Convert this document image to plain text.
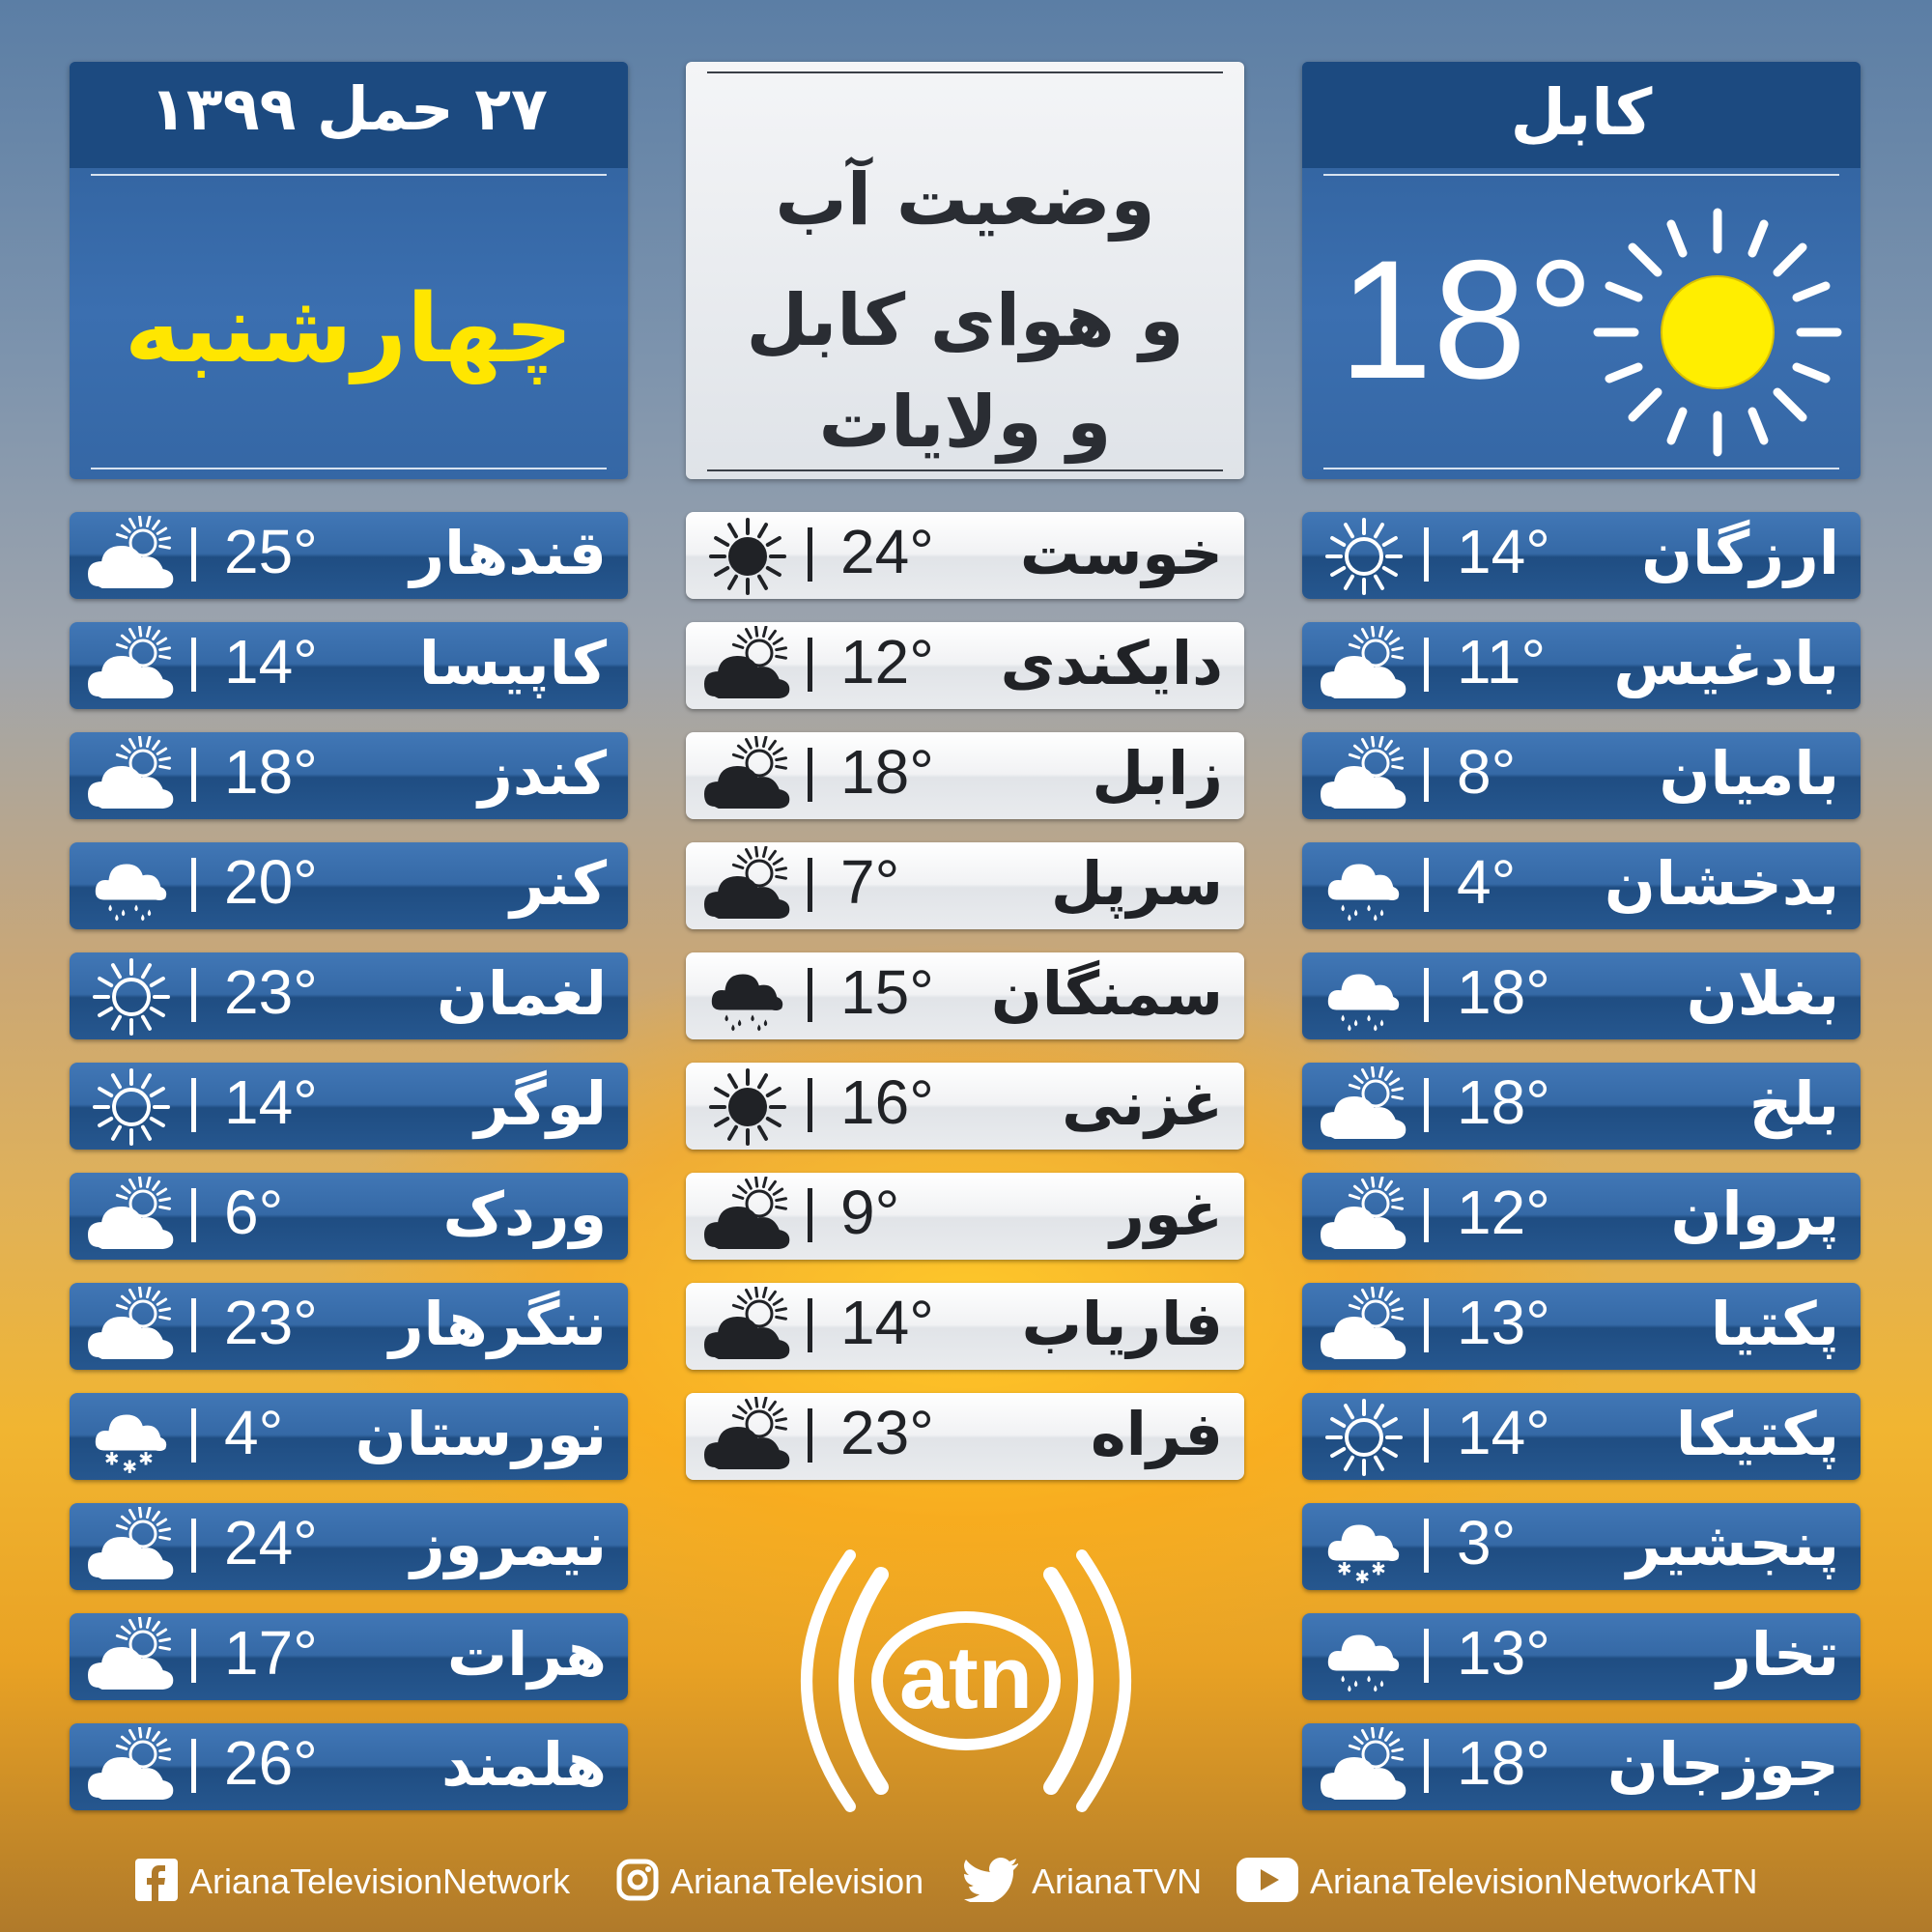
۲۷ حمل ۱۳۹۹
چهارشنبه
وضعیت آب
و هوای کابل
و ولایات
کابل
18°
25° قندهار
14° کاپیسا
18°	کندز
20°	کنر
23° لغمان
14°	لوگر
6°	وردک
23° ننگرهار
✱ ✱ ✱ 4° نورستان
24° نیمروز
17° هرات
26° هلمند
24° خوست
12° دایکندی
18°	زابل
7°	سرپل
15° سمنگان
16° غزنی
9°	غور
14° فاریاب
23°	فراه
14° ارزگان
11° بادغیس
8° بامیان
4° بدخشان
18° بغلان
18°	بلخ
12° پروان
13°	پکتیا
14° پکتیکا
✱ ✱ ✱ 3° پنجشیر
13°	تخار
18° جوزجان
atn
ArianaTelevisionNetwork	ArianaTelevision	ArianaTVN	ArianaTelevisionNetworkATN
